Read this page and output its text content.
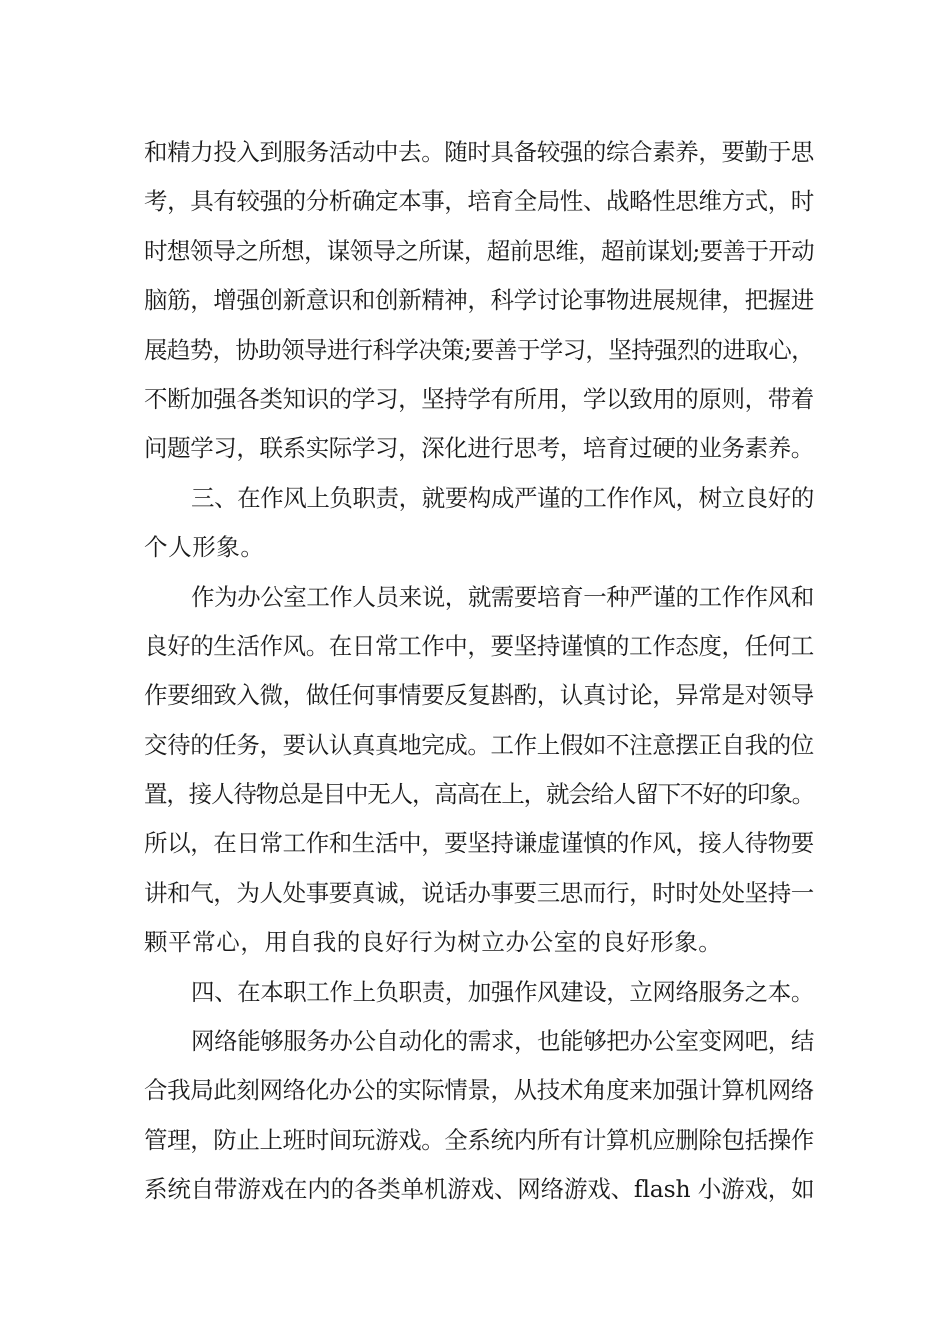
和精力投入到服务活动中去。随时具备较强的综合素养，要勤于思
考，具有较强的分析确定本事，培育全局性、战略性思维方式，时
时想领导之所想，谋领导之所谋，超前思维，超前谋划;要善于开动
脑筋，增强创新意识和创新精神，科学讨论事物进展规律，把握进
展趋势，协助领导进行科学决策;要善于学习，坚持强烈的进取心，
不断加强各类知识的学习，坚持学有所用，学以致用的原则，带着
问题学习，联系实际学习，深化进行思考，培育过硬的业务素养。
三、在作风上负职责，就要构成严谨的工作作风，树立良好的
个人形象。
作为办公室工作人员来说，就需要培育一种严谨的工作作风和
良好的生活作风。在日常工作中，要坚持谨慎的工作态度，任何工
作要细致入微，做任何事情要反复斟酌，认真讨论，异常是对领导
交待的任务，要认认真真地完成。工作上假如不注意摆正自我的位
置，接人待物总是目中无人，高高在上，就会给人留下不好的印象。
所以，在日常工作和生活中，要坚持谦虚谨慎的作风，接人待物要
讲和气，为人处事要真诚，说话办事要三思而行，时时处处坚持一
颗平常心，用自我的良好行为树立办公室的良好形象。
四、在本职工作上负职责，加强作风建设，立网络服务之本。
网络能够服务办公自动化的需求，也能够把办公室变网吧，结
合我局此刻网络化办公的实际情景，从技术角度来加强计算机网络
管理，防止上班时间玩游戏。全系统内所有计算机应删除包括操作
系统自带游戏在内的各类单机游戏、网络游戏、flash 小游戏，如
